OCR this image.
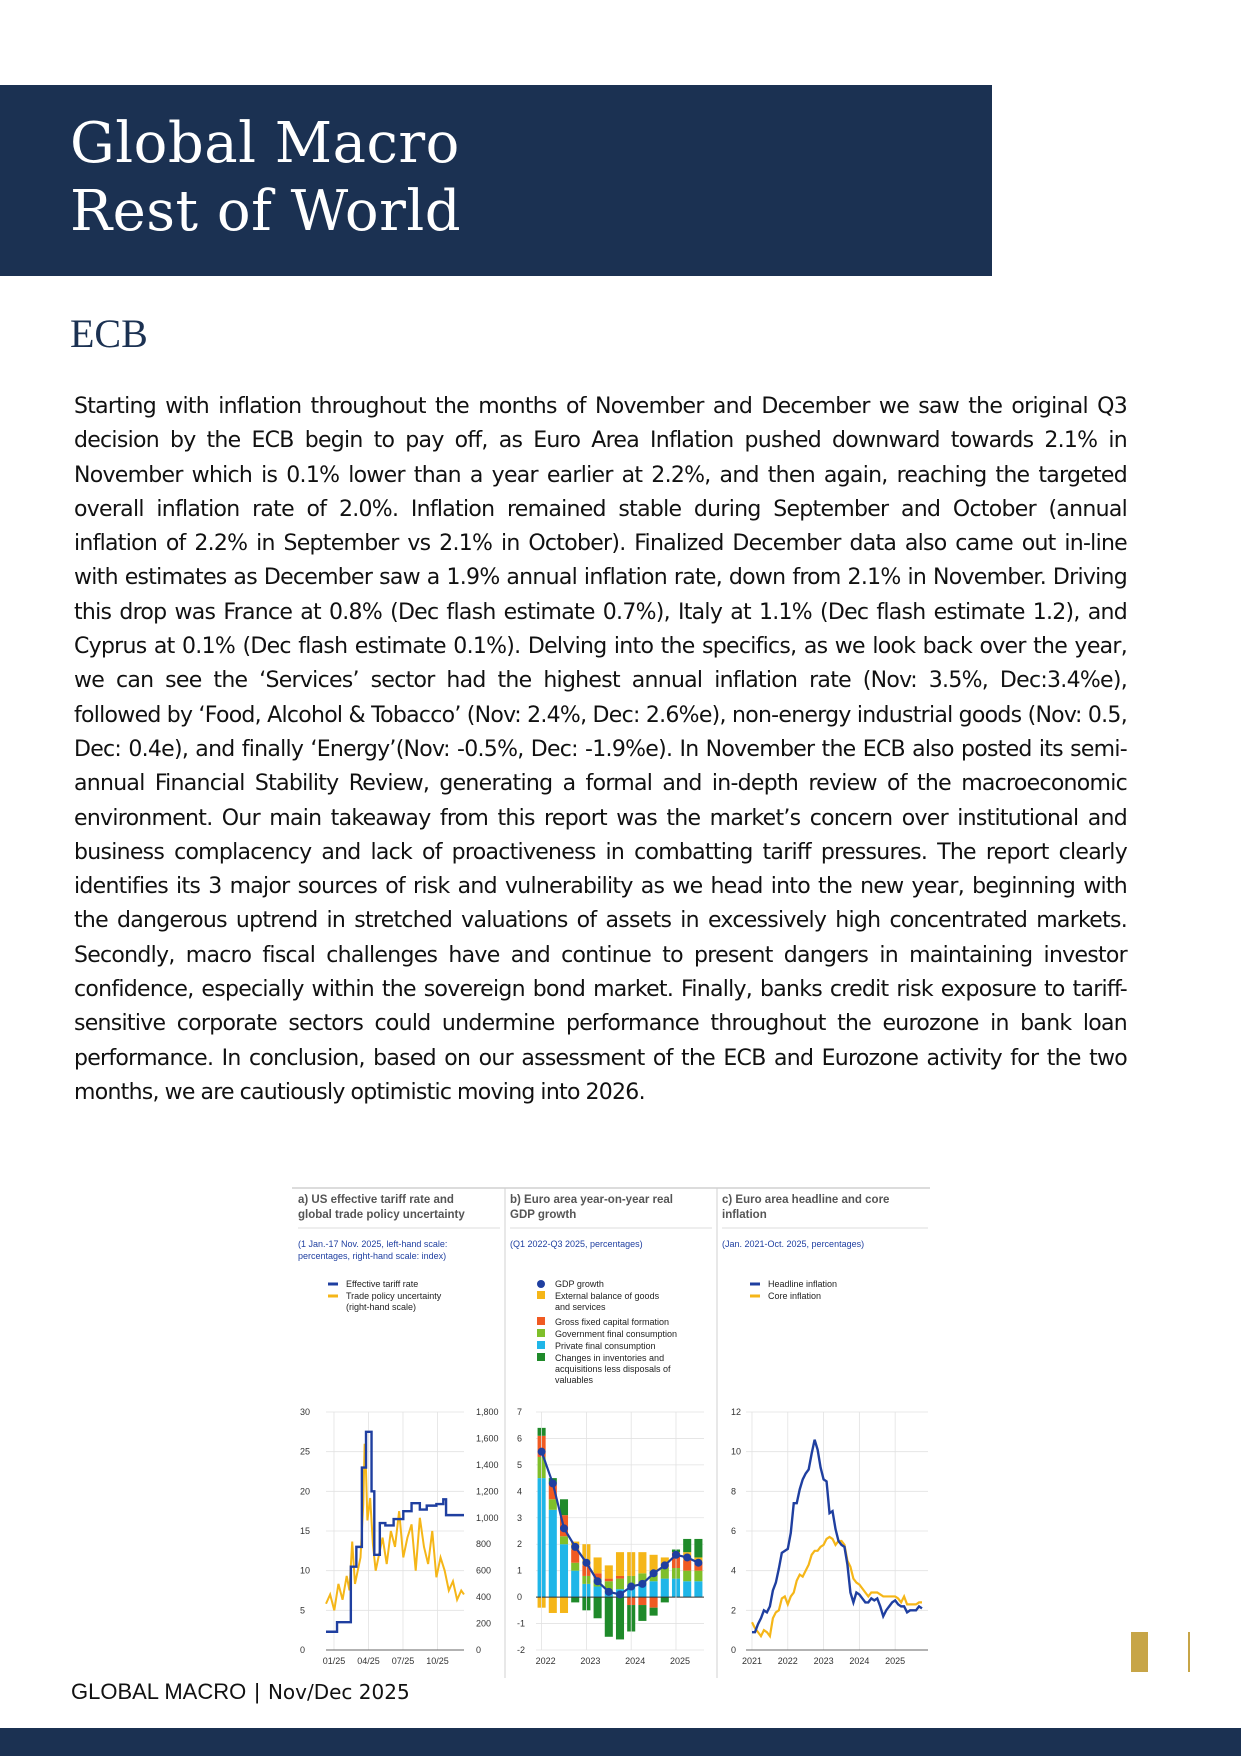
Global Macro
Rest of World
ECB

Starting with inflation throughout the months of November and December we saw the original Q3 decision by the ECB begin to pay off, as Euro Area Inflation pushed downward towards 2.1% in November which is 0.1% lower than a year earlier at 2.2%, and then again, reaching the targeted overall inflation rate of 2.0%. Inflation remained stable during September and October (annual inflation of 2.2% in September vs 2.1% in October). Finalized December data also came out in-line with estimates as December saw a 1.9% annual inflation rate, down from 2.1% in November. Driving this drop was France at 0.8% (Dec flash estimate 0.7%), Italy at 1.1% (Dec flash estimate 1.2), and Cyprus at 0.1% (Dec flash estimate 0.1%). Delving into the specifics, as we look back over the year, we can see the ‘Services’ sector had the highest annual inflation rate (Nov: 3.5%, Dec:3.4%e), followed by ‘Food, Alcohol & Tobacco’ (Nov: 2.4%, Dec: 2.6%e), non-energy industrial goods (Nov: 0.5, Dec: 0.4e), and finally ‘Energy’(Nov: -0.5%, Dec: -1.9%e). In November the ECB also posted its semi-annual Financial Stability Review, generating a formal and in-depth review of the macroeconomic environment. Our main takeaway from this report was the market’s concern over institutional and business complacency and lack of proactiveness in combatting tariff pressures. The report clearly identifies its 3 major sources of risk and vulnerability as we head into the new year, beginning with the dangerous uptrend in stretched valuations of assets in excessively high concentrated markets. Secondly, macro fiscal challenges have and continue to present dangers in maintaining investor confidence, especially within the sovereign bond market. Finally, banks credit risk exposure to tariff-sensitive corporate sectors could undermine performance throughout the eurozone in bank loan performance. In conclusion, based on our assessment of the ECB and Eurozone activity for the two months, we are cautiously optimistic moving into 2026.

a) US effective tariff rate and
global trade policy uncertainty
(1 Jan.-17 Nov. 2025, left-hand scale:
percentages, right-hand scale: index)
Effective tariff rate
Trade policy uncertainty
(right-hand scale)
0
5
10
15
20
25
30
0
200
400
600
800
1,000
1,200
1,400
1,600
1,800
01/25 04/25 07/25 10/25
b) Euro area year-on-year real
GDP growth
(Q1 2022-Q3 2025, percentages)
GDP growth
External balance of goods
and services
Gross fixed capital formation
Government final consumption
Private final consumption
Changes in inventories and
acquisitions less disposals of
valuables
-2
-1
0
1
2
3
4
5
6
7
2022	2023	2024	2025
c) Euro area headline and core
inflation
(Jan. 2021-Oct. 2025, percentages)
Headline inflation
Core inflation
0
2
4
6
8
10
12
2021 2022 2023 2024 2025
GLOBAL MACRO | Nov/Dec 2025
